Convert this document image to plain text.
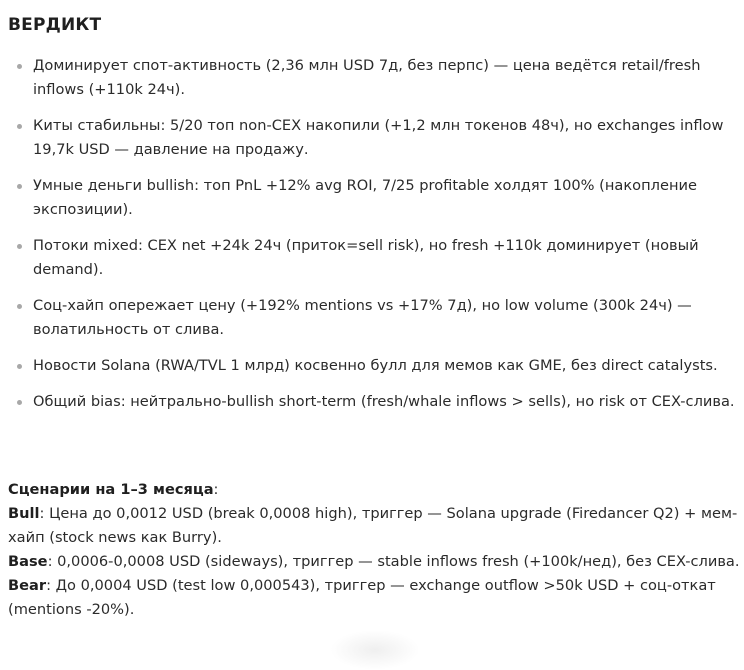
ВЕРДИКТ
Доминирует спот-активность (2,36 млн USD 7д, без перпс) — цена ведётся retail/fresh inflows (+110k 24ч).
Киты стабильны: 5/20 топ non-CEX накопили (+1,2 млн токенов 48ч), но exchanges inflow 19,7k USD — давление на продажу.
Умные деньги bullish: топ PnL +12% avg ROI, 7/25 profitable холдят 100% (накопление экспозиции).
Потоки mixed: CEX net +24k 24ч (приток=sell risk), но fresh +110k доминирует (новый demand).
Соц-хайп опережает цену (+192% mentions vs +17% 7д), но low volume (300k 24ч) — волатильность от слива.
Новости Solana (RWA/TVL 1 млрд) косвенно булл для мемов как GME, без direct catalysts.
Общий bias: нейтрально-bullish short-term (fresh/whale inflows > sells), но risk от CEX-слива.

Сценарии на 1–3 месяца:

Bull: Цена до 0,0012 USD (break 0,0008 high), триггер — Solana upgrade (Firedancer Q2) + мем-хайп (stock news как Burry).

Base: 0,0006-0,0008 USD (sideways), триггер — stable inflows fresh (+100k/нед), без CEX-слива.

Bear: До 0,0004 USD (test low 0,000543), триггер — exchange outflow >50k USD + соц-откат (mentions -20%).
